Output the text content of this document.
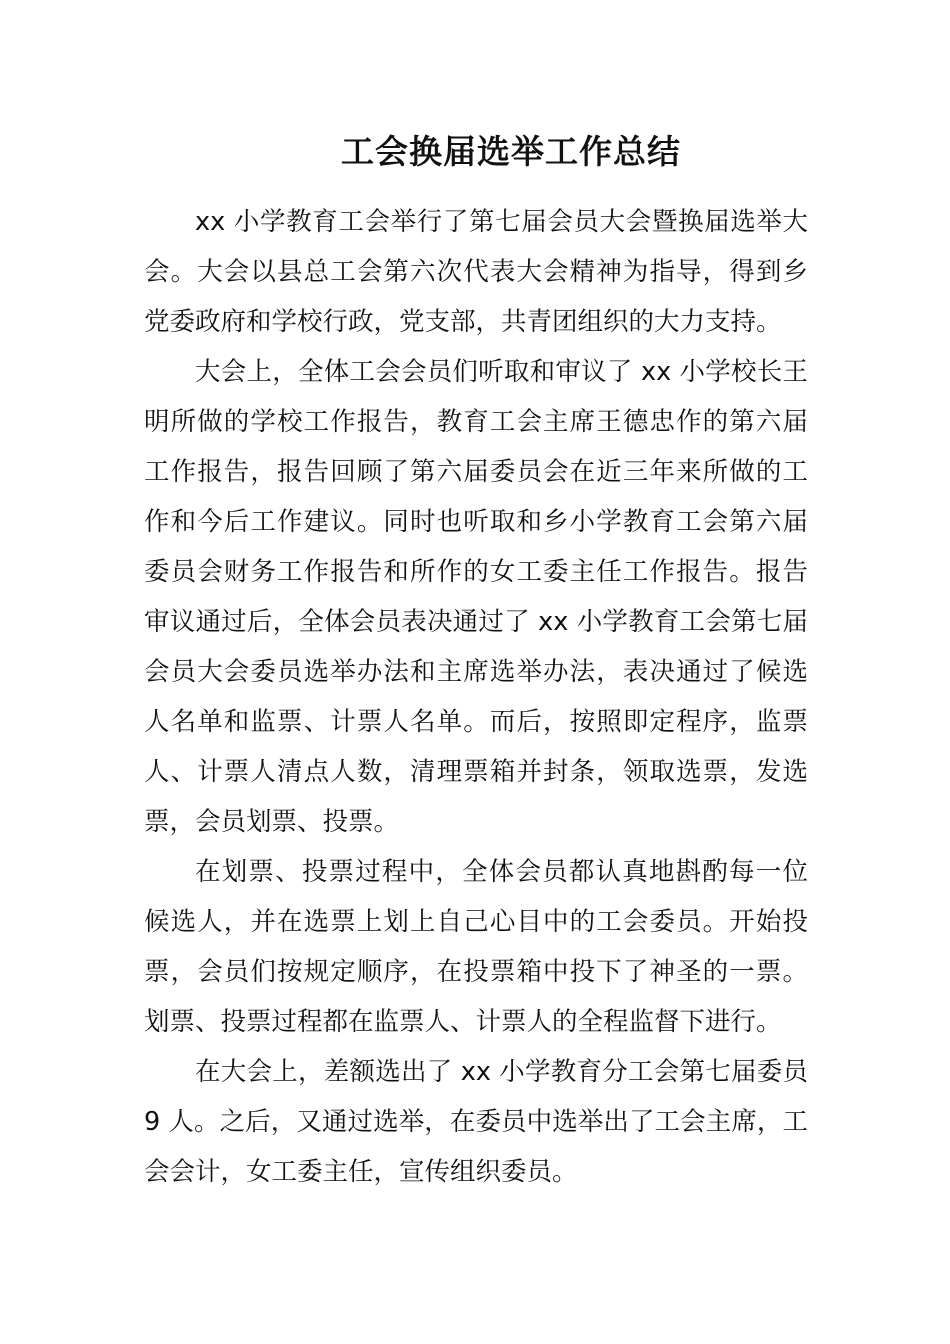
工会换届选举工作总结
xx 小学教育工会举行了第七届会员大会暨换届选举大
会。大会以县总工会第六次代表大会精神为指导，得到乡
党委政府和学校行政，党支部，共青团组织的大力支持。
大会上，全体工会会员们听取和审议了 xx 小学校长王
明所做的学校工作报告，教育工会主席王德忠作的第六届
工作报告，报告回顾了第六届委员会在近三年来所做的工
作和今后工作建议。同时也听取和乡小学教育工会第六届
委员会财务工作报告和所作的女工委主任工作报告。报告
审议通过后，全体会员表决通过了 xx 小学教育工会第七届
会员大会委员选举办法和主席选举办法，表决通过了候选
人名单和监票、计票人名单。而后，按照即定程序，监票
人、计票人清点人数，清理票箱并封条，领取选票，发选
票，会员划票、投票。
在划票、投票过程中，全体会员都认真地斟酌每一位
候选人，并在选票上划上自己心目中的工会委员。开始投
票，会员们按规定顺序，在投票箱中投下了神圣的一票。
划票、投票过程都在监票人、计票人的全程监督下进行。
在大会上，差额选出了 xx 小学教育分工会第七届委员
9 人。之后，又通过选举，在委员中选举出了工会主席，工
会会计，女工委主任，宣传组织委员。
